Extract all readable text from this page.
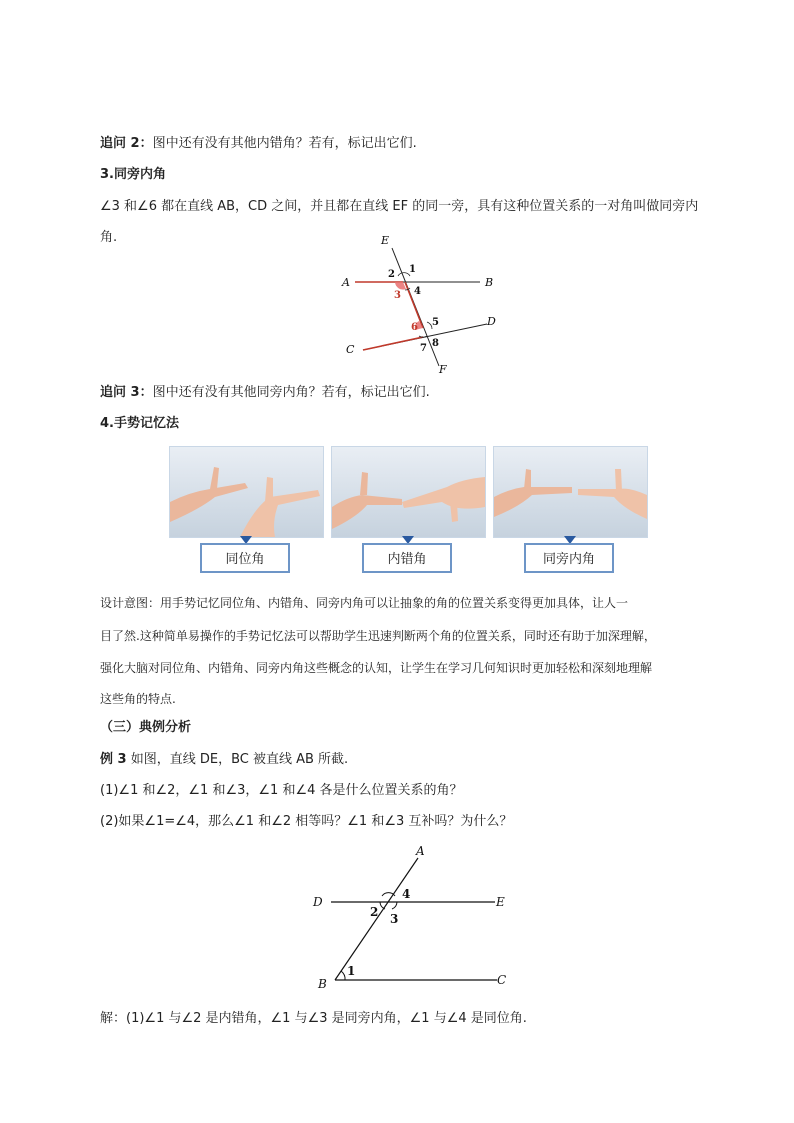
追问 2：图中还有没有其他内错角？若有，标记出它们.
3.同旁内角
∠3 和∠6 都在直线 AB，CD 之间，并且都在直线 EF 的同一旁，具有这种位置关系的一对角叫做同旁内
角.	E
A	B
C
D
F
1
2
3 4
5
6
7 8
追问 3：图中还有没有其他同旁内角？若有，标记出它们.
4.手势记忆法
同位角	内错角	同旁内角
设计意图：用手势记忆同位角、内错角、同旁内角可以让抽象的角的位置关系变得更加具体，让人一
目了然.这种简单易操作的手势记忆法可以帮助学生迅速判断两个角的位置关系，同时还有助于加深理解，
强化大脑对同位角、内错角、同旁内角这些概念的认知，让学生在学习几何知识时更加轻松和深刻地理解
这些角的特点.
（三）典例分析
例 3 如图，直线 DE，BC 被直线 AB 所截.
(1)∠1 和∠2，∠1 和∠3，∠1 和∠4 各是什么位置关系的角？
(2)如果∠1=∠4，那么∠1 和∠2 相等吗？∠1 和∠3 互补吗？为什么？
A
D	E
B	C
1
2 3
4
解：(1)∠1 与∠2 是内错角，∠1 与∠3 是同旁内角，∠1 与∠4 是同位角.
